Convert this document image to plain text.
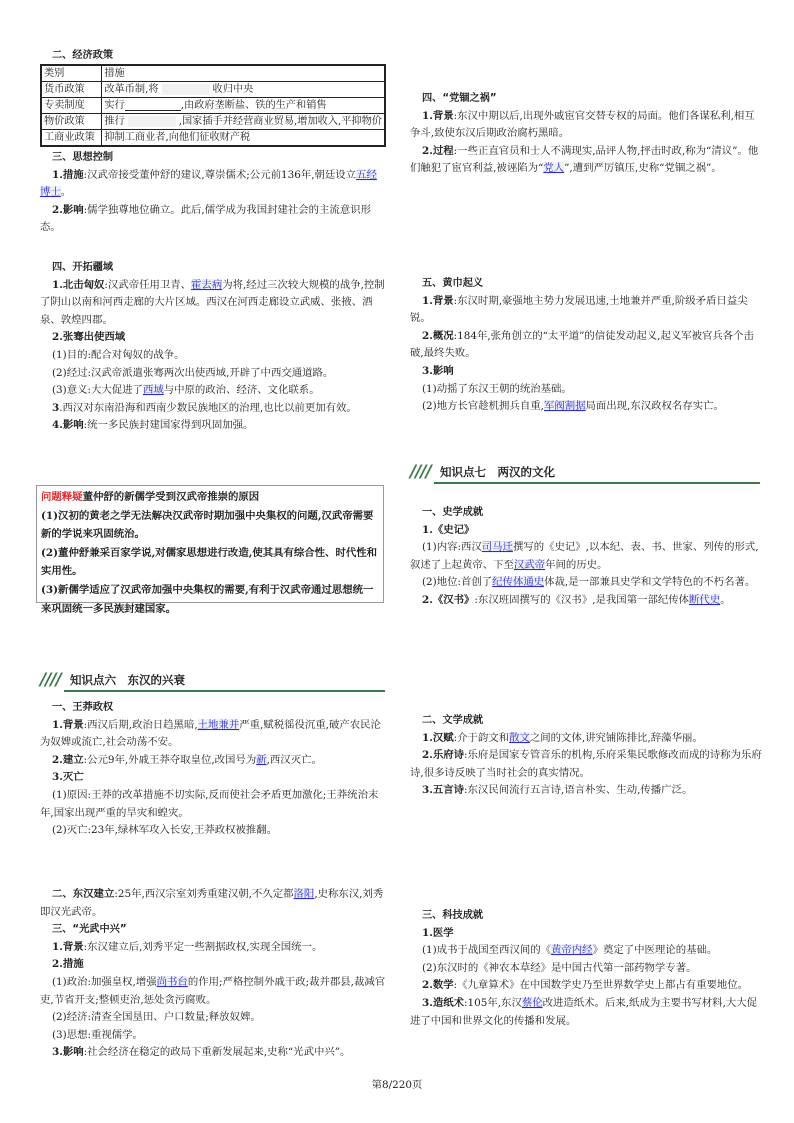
二、经济政策

类别	措施
货币政策	改革币制,将 收归中央
专卖制度	实行 ,由政府垄断盐、铁的生产和销售
物价政策	推行 ,国家插手并经营商业贸易,增加收入,平抑物价
工商业政策	抑制工商业者,向他们征收财产税

三、思想控制

1.措施:汉武帝接受董仲舒的建议,尊崇儒术;公元前136年,朝廷设立五经博士。

2.影响:儒学独尊地位确立。此后,儒学成为我国封建社会的主流意识形态。

四、开拓疆域

1.北击匈奴:汉武帝任用卫青、霍去病为将,经过三次较大规模的战争,控制了阴山以南和河西走廊的大片区域。西汉在河西走廊设立武威、张掖、酒泉、敦煌四郡。

2.张骞出使西域

(1)目的:配合对匈奴的战争。

(2)经过:汉武帝派遣张骞两次出使西域,开辟了中西交通道路。

(3)意义:大大促进了西域与中原的政治、经济、文化联系。

3.西汉对东南沿海和西南少数民族地区的治理,也比以前更加有效。

4.影响:统一多民族封建国家得到巩固加强。

问题释疑董仲舒的新儒学受到汉武帝推崇的原因

(1)汉初的黄老之学无法解决汉武帝时期加强中央集权的问题,汉武帝需要新的学说来巩固统治。

(2)董仲舒兼采百家学说,对儒家思想进行改造,使其具有综合性、时代性和实用性。

(3)新儒学适应了汉武帝加强中央集权的需要,有利于汉武帝通过思想统一来巩固统一多民族封建国家。

//// 知识点六　东汉的兴衰

一、王莽政权

1.背景:西汉后期,政治日趋黑暗,土地兼并严重,赋税徭役沉重,破产农民沦为奴婢或流亡,社会动荡不安。

2.建立:公元9年,外戚王莽夺取皇位,改国号为新,西汉灭亡。

3.灭亡

(1)原因:王莽的改革措施不切实际,反而使社会矛盾更加激化;王莽统治末年,国家出现严重的旱灾和蝗灾。

(2)灭亡:23年,绿林军攻入长安,王莽政权被推翻。

二、东汉建立:25年,西汉宗室刘秀重建汉朝,不久定都洛阳,史称东汉,刘秀即汉光武帝。

三、“光武中兴”

1.背景:东汉建立后,刘秀平定一些割据政权,实现全国统一。

2.措施

(1)政治:加强皇权,增强尚书台的作用;严格控制外戚干政;裁并郡县,裁减官吏,节省开支;整顿吏治,惩处贪污腐败。

(2)经济:清查全国垦田、户口数量;释放奴婢。

(3)思想:重视儒学。

3.影响:社会经济在稳定的政局下重新发展起来,史称“光武中兴”。

四、“党锢之祸”

1.背景:东汉中期以后,出现外戚宦官交替专权的局面。他们各谋私利,相互争斗,致使东汉后期政治腐朽黑暗。

2.过程:一些正直官员和士人不满现实,品评人物,抨击时政,称为“清议”。他们触犯了宦官利益,被诬陷为“党人”,遭到严厉镇压,史称“党锢之祸”。

五、黄巾起义

1.背景:东汉时期,豪强地主势力发展迅速,土地兼并严重,阶级矛盾日益尖锐。

2.概况:184年,张角创立的“太平道”的信徒发动起义,起义军被官兵各个击破,最终失败。

3.影响

(1)动摇了东汉王朝的统治基础。

(2)地方长官趁机拥兵自重,军阀割据局面出现,东汉政权名存实亡。

//// 知识点七　两汉的文化

一、史学成就

1.《史记》

(1)内容:西汉司马迁撰写的《史记》,以本纪、表、书、世家、列传的形式,叙述了上起黄帝、下至汉武帝年间的历史。

(2)地位:首创了纪传体通史体裁,是一部兼具史学和文学特色的不朽名著。

2.《汉书》:东汉班固撰写的《汉书》,是我国第一部纪传体断代史。

二、文学成就

1.汉赋:介于韵文和散文之间的文体,讲究铺陈排比,辞藻华丽。

2.乐府诗:乐府是国家专管音乐的机构,乐府采集民歌修改而成的诗称为乐府诗,很多诗反映了当时社会的真实情况。

3.五言诗:东汉民间流行五言诗,语言朴实、生动,传播广泛。

三、科技成就

1.医学

(1)成书于战国至西汉间的《黄帝内经》奠定了中医理论的基础。

(2)东汉时的《神农本草经》是中国古代第一部药物学专著。

2.数学:《九章算术》在中国数学史乃至世界数学史上都占有重要地位。

3.造纸术:105年,东汉蔡伦改进造纸术。后来,纸成为主要书写材料,大大促进了中国和世界文化的传播和发展。

第8/220页
